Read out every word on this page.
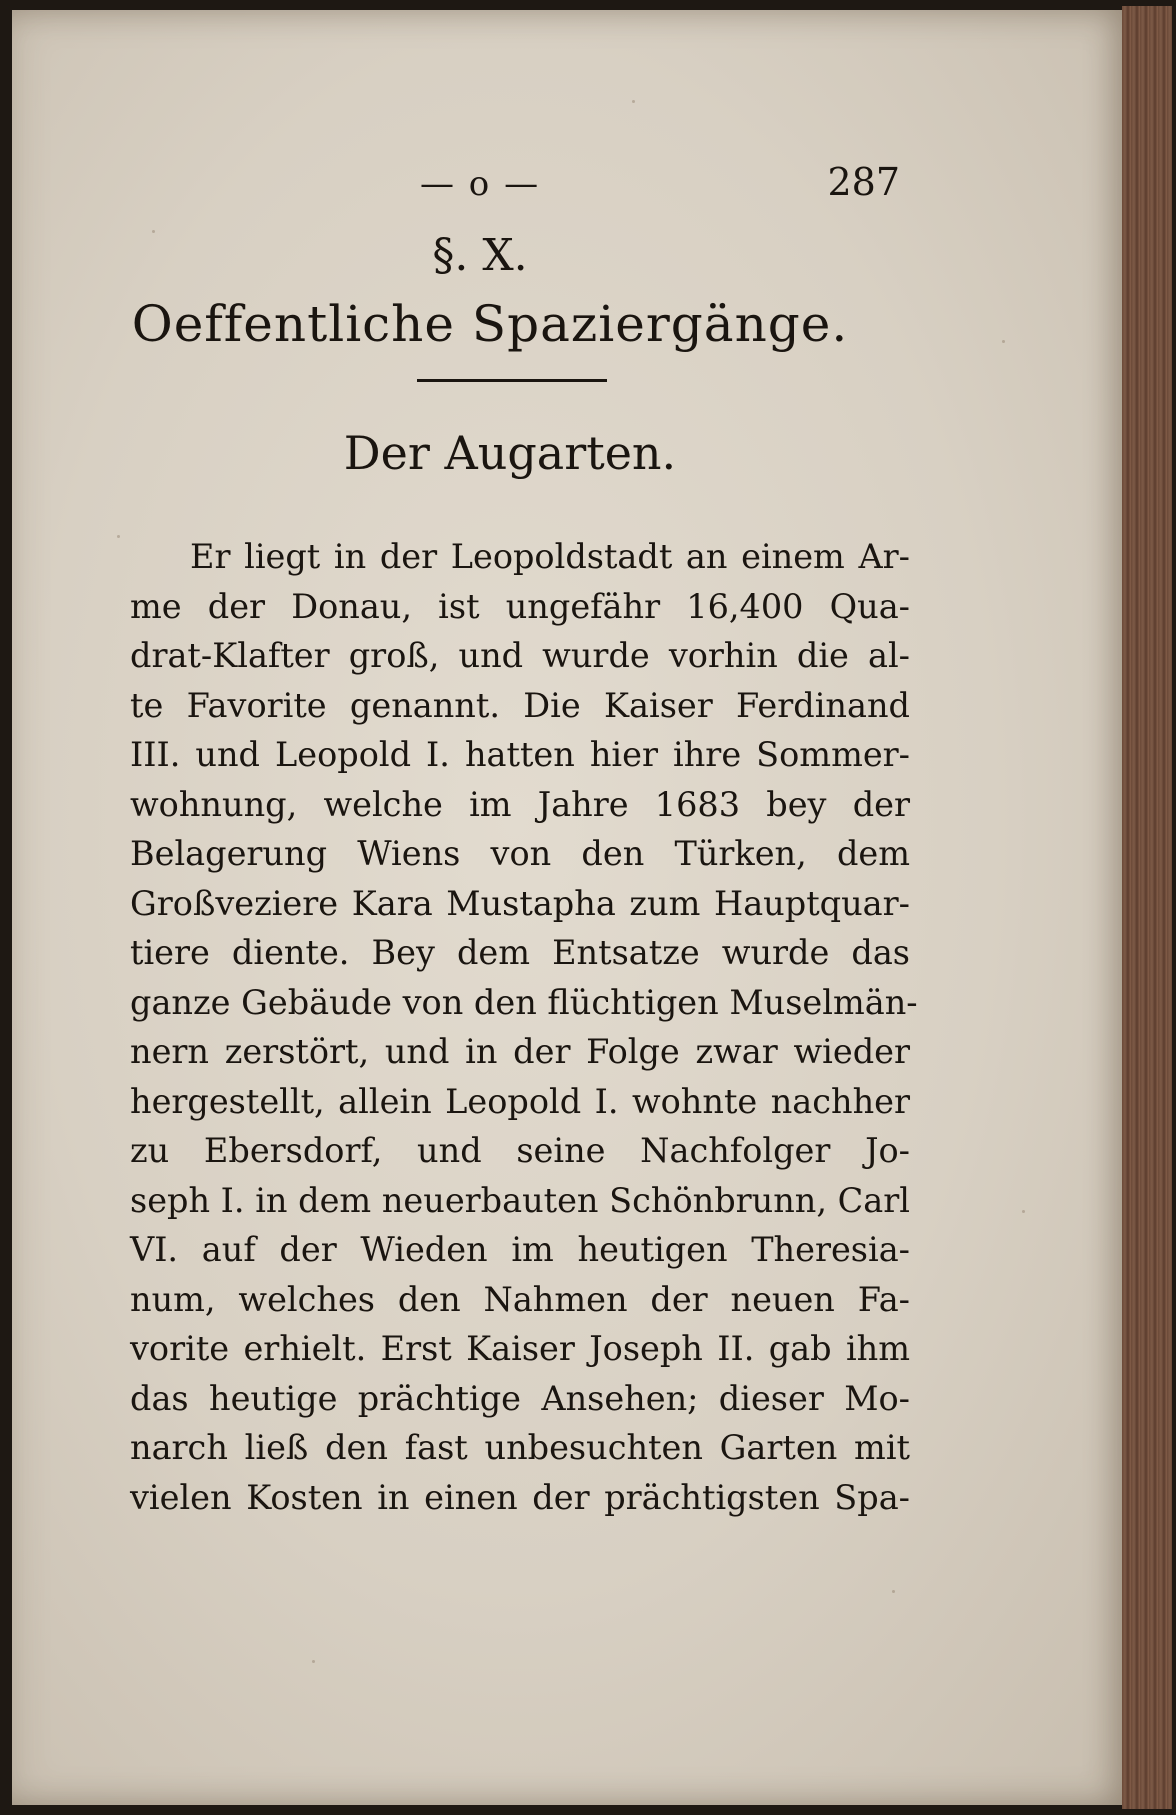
— o —	287
§. X.
Oeffentliche Spaziergänge.
Der Augarten.
Er liegt in der Leopoldstadt an einem Ar-
me der Donau, ist ungefähr 16,400 Qua-
drat-Klafter groß, und wurde vorhin die al-
te Favorite genannt. Die Kaiser Ferdinand
III. und Leopold I. hatten hier ihre Sommer-
wohnung, welche im Jahre 1683 bey der
Belagerung Wiens von den Türken, dem
Großveziere Kara Mustapha zum Hauptquar-
tiere diente. Bey dem Entsatze wurde das
ganze Gebäude von den flüchtigen Muselmän-
nern zerstört, und in der Folge zwar wieder
hergestellt, allein Leopold I. wohnte nachher
zu Ebersdorf, und seine Nachfolger Jo-
seph I. in dem neuerbauten Schönbrunn, Carl
VI. auf der Wieden im heutigen Theresia-
num, welches den Nahmen der neuen Fa-
vorite erhielt. Erst Kaiser Joseph II. gab ihm
das heutige prächtige Ansehen; dieser Mo-
narch ließ den fast unbesuchten Garten mit
vielen Kosten in einen der prächtigsten Spa-
